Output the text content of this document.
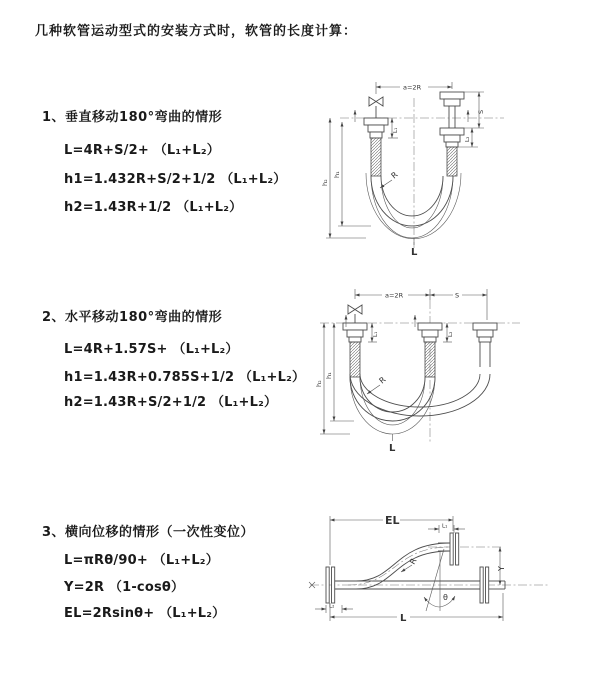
几种软管运动型式的安装方式时，软管的长度计算：
1、垂直移动180°弯曲的情形
L=4R+S/2+ （L₁+L₂）
h1=1.432R+S/2+1/2 （L₁+L₂）
h2=1.43R+1/2 （L₁+L₂）
2、水平移动180°弯曲的情形
L=4R+1.57S+ （L₁+L₂）
h1=1.43R+0.785S+1/2 （L₁+L₂）
h2=1.43R+S/2+1/2 （L₁+L₂）
3、横向位移的情形（一次性变位）
L=πRθ/90+ （L₁+L₂）
Y=2R （1-cosθ）
EL=2Rsinθ+ （L₁+L₂）
a=2R
R
h₂
h₁
L₁
S
L₂
L
a=2R	S
R
h₂
h₁
L₁	L₂
L
EL	L₁
θ
R
Y
L₂
L
